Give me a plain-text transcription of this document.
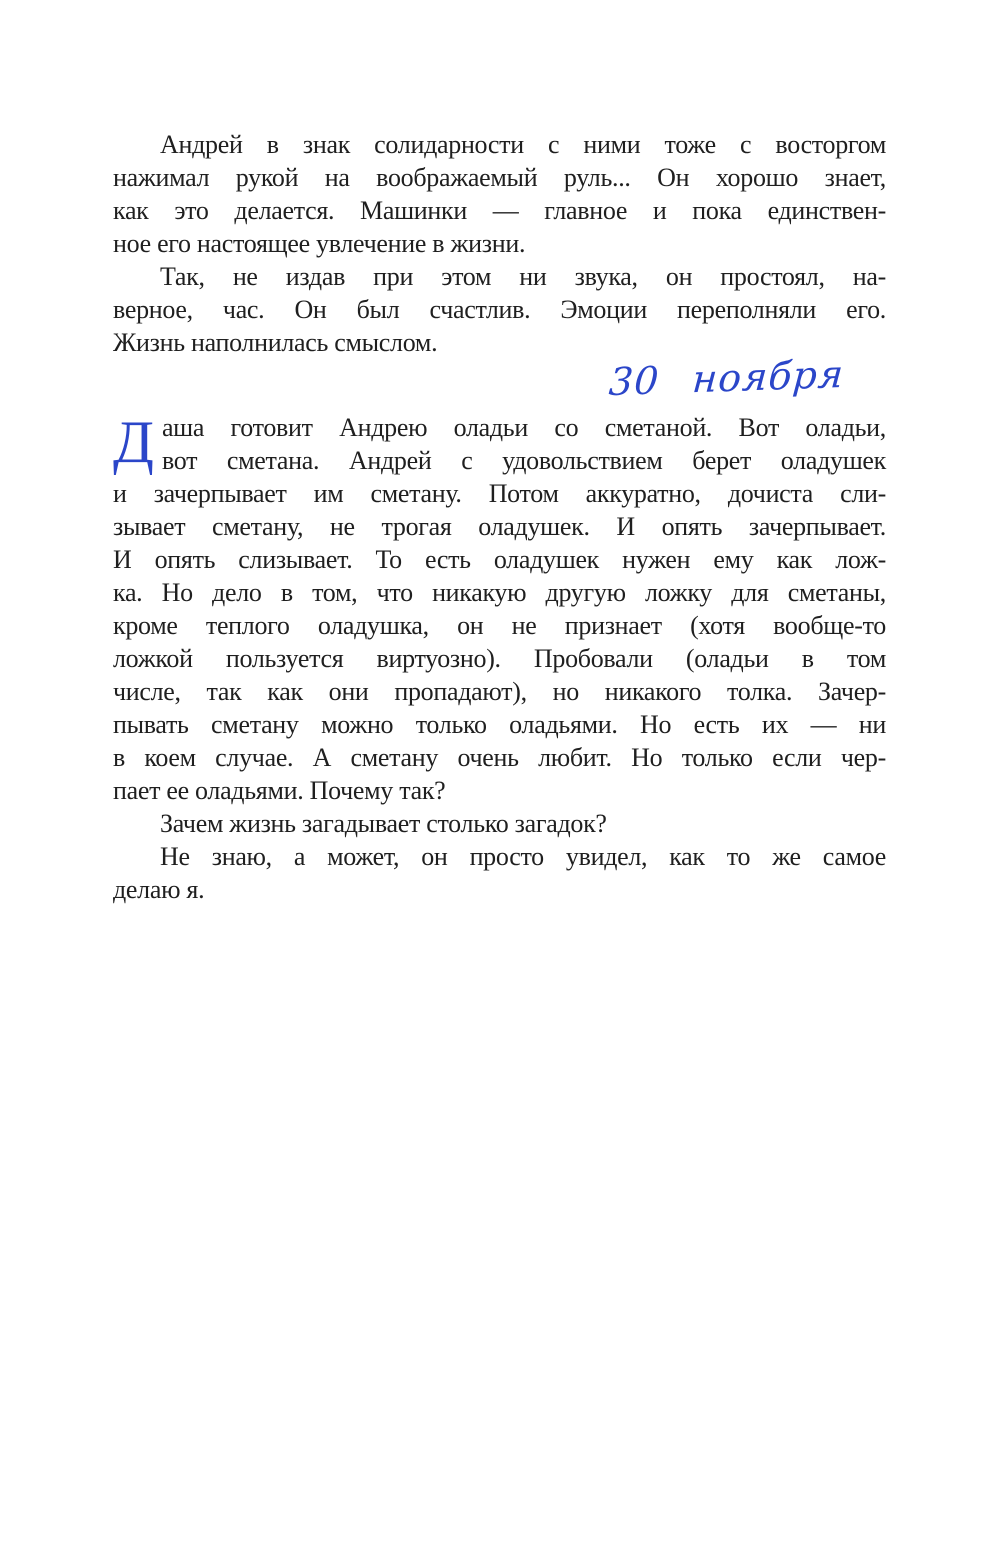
Андрей в знак солидарности с ними тоже с восторгом
нажимал рукой на воображаемый руль... Он хорошо знает,
как это делается. Машинки — главное и пока единствен-
ное его настоящее увлечение в жизни.
Так, не издав при этом ни звука, он простоял, на-
верное, час. Он был счастлив. Эмоции переполняли его.
Жизнь наполнилась смыслом.
30 ноября
Д аша готовит Андрею оладьи со сметаной. Вот оладьи,
вот сметана. Андрей с удовольствием берет оладушек
и зачерпывает им сметану. Потом аккуратно, дочиста сли-
зывает сметану, не трогая оладушек. И опять зачерпывает.
И опять слизывает. То есть оладушек нужен ему как лож-
ка. Но дело в том, что никакую другую ложку для сметаны,
кроме теплого оладушка, он не признает (хотя вообще-то
ложкой пользуется виртуозно). Пробовали (оладьи в том
числе, так как они пропадают), но никакого толка. Зачер-
пывать сметану можно только оладьями. Но есть их — ни
в коем случае. А сметану очень любит. Но только если чер-
пает ее оладьями. Почему так?
Зачем жизнь загадывает столько загадок?
Не знаю, а может, он просто увидел, как то же самое
делаю я.
